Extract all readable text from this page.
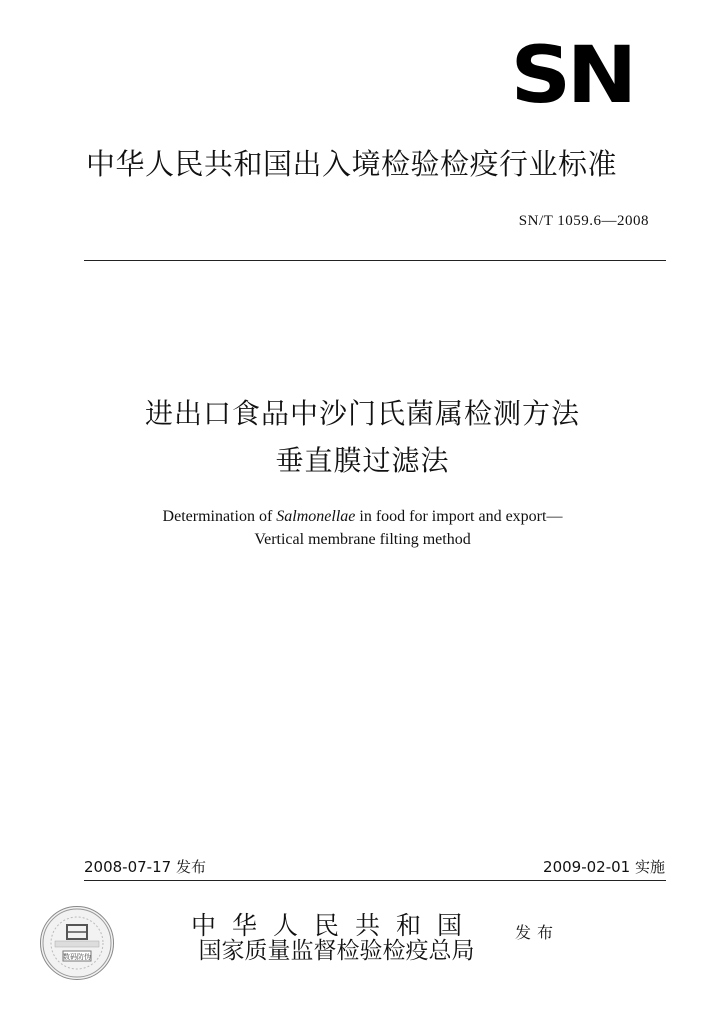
SN
中华人民共和国出入境检验检疫行业标准
SN/T 1059.6—2008
进出口食品中沙门氏菌属检测方法
垂直膜过滤法
Determination of Salmonellae in food for import and export—
Vertical membrane filting method
2008-07-17 发布	2009-02-01 实施
数码防伪
中华人民共和国
国家质量监督检验检疫总局
发布
